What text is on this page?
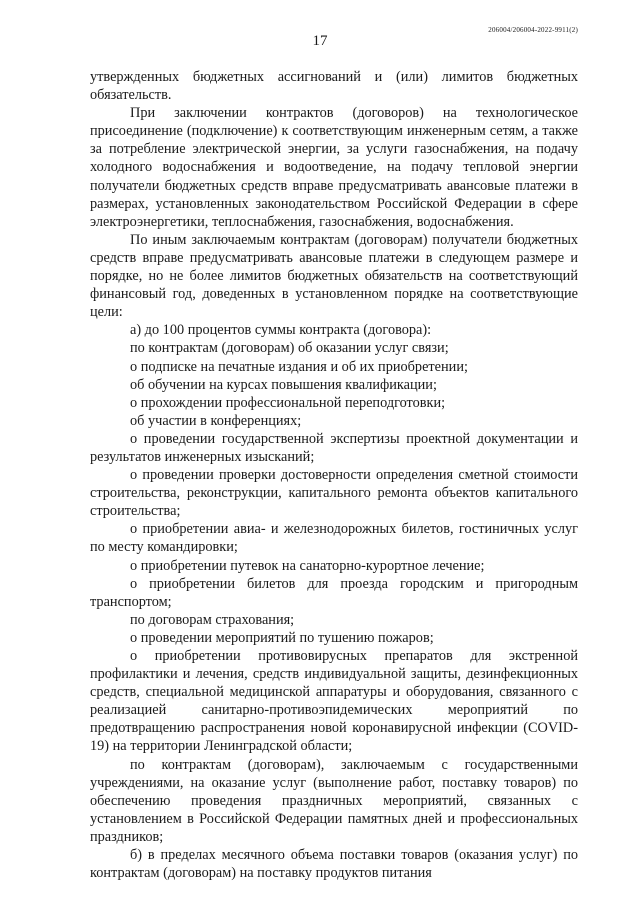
17
206004/206004-2022-9911(2)

утвержденных бюджетных ассигнований и (или) лимитов бюджетных обязательств.

При заключении контрактов (договоров) на технологическое присоединение (подключение) к соответствующим инженерным сетям, а также за потребление электрической энергии, за услуги газоснабжения, на подачу холодного водоснабжения и водоотведение, на подачу тепловой энергии получатели бюджетных средств вправе предусматривать авансовые платежи в размерах, установленных законодательством Российской Федерации в сфере электроэнергетики, теплоснабжения, газоснабжения, водоснабжения.

По иным заключаемым контрактам (договорам) получатели бюджетных средств вправе предусматривать авансовые платежи в следующем размере и порядке, но не более лимитов бюджетных обязательств на соответствующий финансовый год, доведенных в установленном порядке на соответствующие цели:

а) до 100 процентов суммы контракта (договора):

по контрактам (договорам) об оказании услуг связи;

о подписке на печатные издания и об их приобретении;

об обучении на курсах повышения квалификации;

о прохождении профессиональной переподготовки;

об участии в конференциях;

о проведении государственной экспертизы проектной документации и результатов инженерных изысканий;

о проведении проверки достоверности определения сметной стоимости строительства, реконструкции, капитального ремонта объектов капитального строительства;

о приобретении авиа- и железнодорожных билетов, гостиничных услуг по месту командировки;

о приобретении путевок на санаторно-курортное лечение;

о приобретении билетов для проезда городским и пригородным транспортом;

по договорам страхования;

о проведении мероприятий по тушению пожаров;

о приобретении противовирусных препаратов для экстренной профилактики и лечения, средств индивидуальной защиты, дезинфекционных средств, специальной медицинской аппаратуры и оборудования, связанного с реализацией санитарно-противоэпидемических мероприятий по предотвращению распространения новой коронавирусной инфекции (COVID-19) на территории Ленинградской области;

по контрактам (договорам), заключаемым с государственными учреждениями, на оказание услуг (выполнение работ, поставку товаров) по обеспечению проведения праздничных мероприятий, связанных с установлением в Российской Федерации памятных дней и профессиональных праздников;

б) в пределах месячного объема поставки товаров (оказания услуг) по контрактам (договорам) на поставку продуктов питания
